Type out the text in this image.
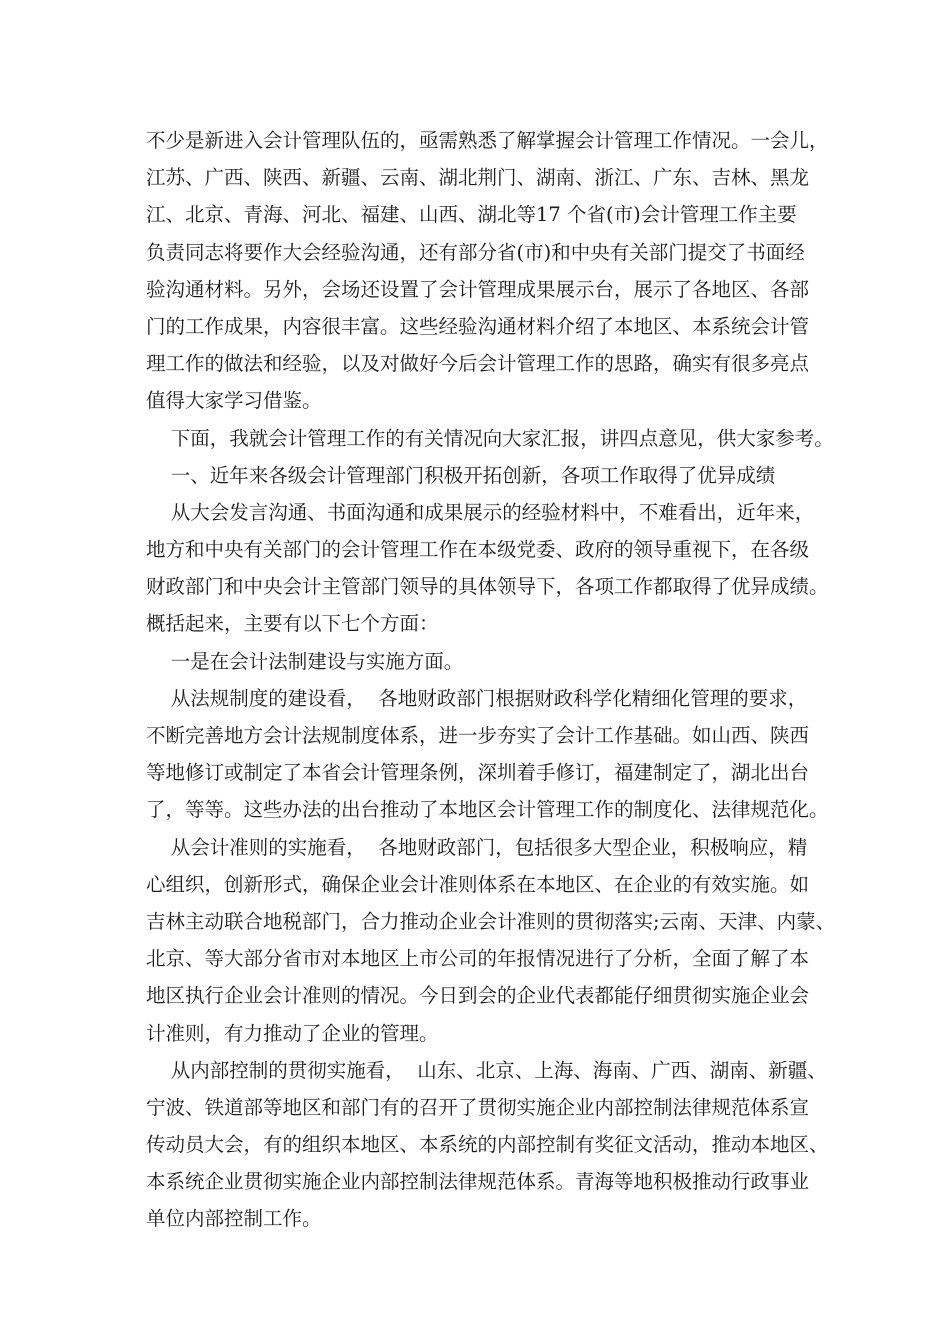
不少是新进入会计管理队伍的，亟需熟悉了解掌握会计管理工作情况。一会儿，
江苏、广西、陕西、新疆、云南、湖北荆门、湖南、浙江、广东、吉林、黑龙
江、北京、青海、河北、福建、山西、湖北等17 个省(市)会计管理工作主要
负责同志将要作大会经验沟通，还有部分省(市)和中央有关部门提交了书面经
验沟通材料。另外，会场还设置了会计管理成果展示台，展示了各地区、各部
门的工作成果，内容很丰富。这些经验沟通材料介绍了本地区、本系统会计管
理工作的做法和经验，以及对做好今后会计管理工作的思路，确实有很多亮点
值得大家学习借鉴。
下面，我就会计管理工作的有关情况向大家汇报，讲四点意见，供大家参考。
一、近年来各级会计管理部门积极开拓创新，各项工作取得了优异成绩
从大会发言沟通、书面沟通和成果展示的经验材料中，不难看出，近年来，
地方和中央有关部门的会计管理工作在本级党委、政府的领导重视下，在各级
财政部门和中央会计主管部门领导的具体领导下，各项工作都取得了优异成绩。
概括起来，主要有以下七个方面：
一是在会计法制建设与实施方面。
从法规制度的建设看，  各地财政部门根据财政科学化精细化管理的要求，
不断完善地方会计法规制度体系，进一步夯实了会计工作基础。如山西、陕西
等地修订或制定了本省会计管理条例，深圳着手修订，福建制定了，湖北出台
了，等等。这些办法的出台推动了本地区会计管理工作的制度化、法律规范化。
从会计准则的实施看，  各地财政部门，包括很多大型企业，积极响应，精
心组织，创新形式，确保企业会计准则体系在本地区、在企业的有效实施。如
吉林主动联合地税部门，合力推动企业会计准则的贯彻落实;云南、天津、内蒙、
北京、等大部分省市对本地区上市公司的年报情况进行了分析，全面了解了本
地区执行企业会计准则的情况。今日到会的企业代表都能仔细贯彻实施企业会
计准则，有力推动了企业的管理。
从内部控制的贯彻实施看，  山东、北京、上海、海南、广西、湖南、新疆、
宁波、铁道部等地区和部门有的召开了贯彻实施企业内部控制法律规范体系宣
传动员大会，有的组织本地区、本系统的内部控制有奖征文活动，推动本地区、
本系统企业贯彻实施企业内部控制法律规范体系。青海等地积极推动行政事业
单位内部控制工作。
